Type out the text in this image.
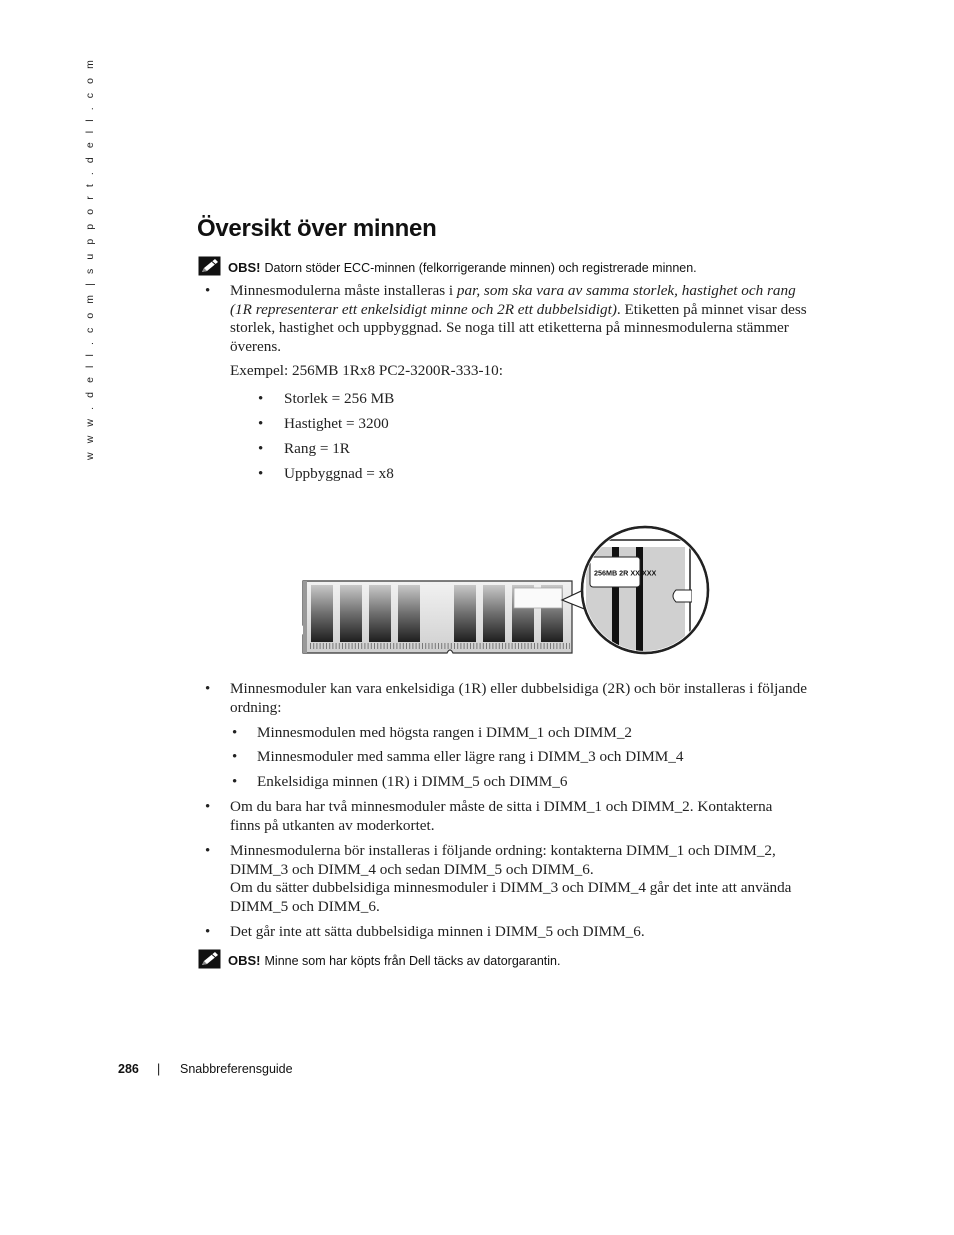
w w w . d e l l . c o m | s u p p o r t . d e l l . c o m	Översikt över minnen
OBS! Datorn stöder ECC-minnen (felkorrigerande minnen) och registrerade minnen.
• Minnesmodulerna måste installeras i par, som ska vara av samma storlek, hastighet och rang
(1R representerar ett enkelsidigt minne och 2R ett dubbelsidigt). Etiketten på minnet visar dess
storlek, hastighet och uppbyggnad. Se noga till att etiketterna på minnesmodulerna stämmer
överens.
Exempel: 256MB 1Rx8 PC2-3200R-333-10:
• Storlek = 256 MB
• Hastighet = 3200
• Rang = 1R
• Uppbyggnad = x8
256MB 2R XX XXX
• Minnesmoduler kan vara enkelsidiga (1R) eller dubbelsidiga (2R) och bör installeras i följande
ordning:
• Minnesmodulen med högsta rangen i DIMM_1 och DIMM_2
• Minnesmoduler med samma eller lägre rang i DIMM_3 och DIMM_4
• Enkelsidiga minnen (1R) i DIMM_5 och DIMM_6
• Om du bara har två minnesmoduler måste de sitta i DIMM_1 och DIMM_2. Kontakterna
finns på utkanten av moderkortet.
• Minnesmodulerna bör installeras i följande ordning: kontakterna DIMM_1 och DIMM_2,
DIMM_3 och DIMM_4 och sedan DIMM_5 och DIMM_6.
Om du sätter dubbelsidiga minnesmoduler i DIMM_3 och DIMM_4 går det inte att använda
DIMM_5 och DIMM_6.
• Det går inte att sätta dubbelsidiga minnen i DIMM_5 och DIMM_6.
OBS! Minne som har köpts från Dell täcks av datorgarantin.
286 | Snabbreferensguide
